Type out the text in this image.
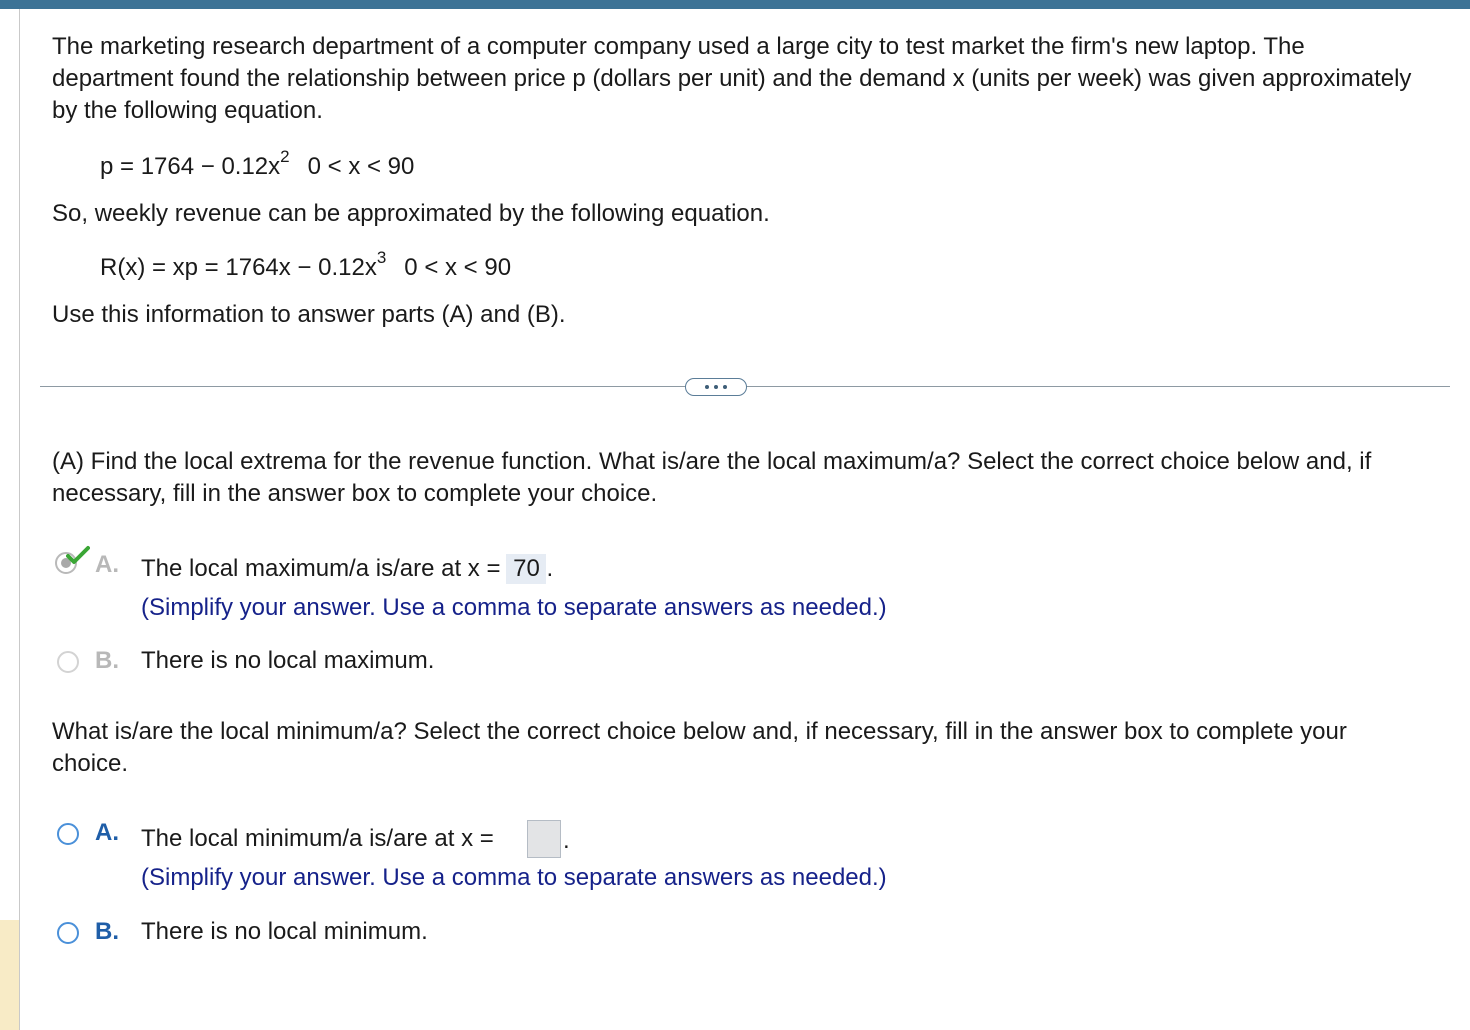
The marketing research department of a computer company used a large city to test market the firm's new laptop. The department found the relationship between price p (dollars per unit) and the demand x (units per week) was given approximately by the following equation.

$p = 1764 - 0.12x^2$ 0 < x < 90

So, weekly revenue can be approximated by the following equation.

R(x) = xp = $1764x - 0.12x^3$ 0 < x < 90

Use this information to answer parts (A) and (B).

(A) Find the local extrema for the revenue function. What is/are the local maximum/a? Select the correct choice below and, if necessary, fill in the answer box to complete your choice.

A. The local maximum/a is/are at x = 70 .
(Simplify your answer. Use a comma to separate answers as needed.)
B. There is no local maximum.

What is/are the local minimum/a? Select the correct choice below and, if necessary, fill in the answer box to complete your choice.

A. The local minimum/a is/are at x =	.
(Simplify your answer. Use a comma to separate answers as needed.)
B. There is no local minimum.
